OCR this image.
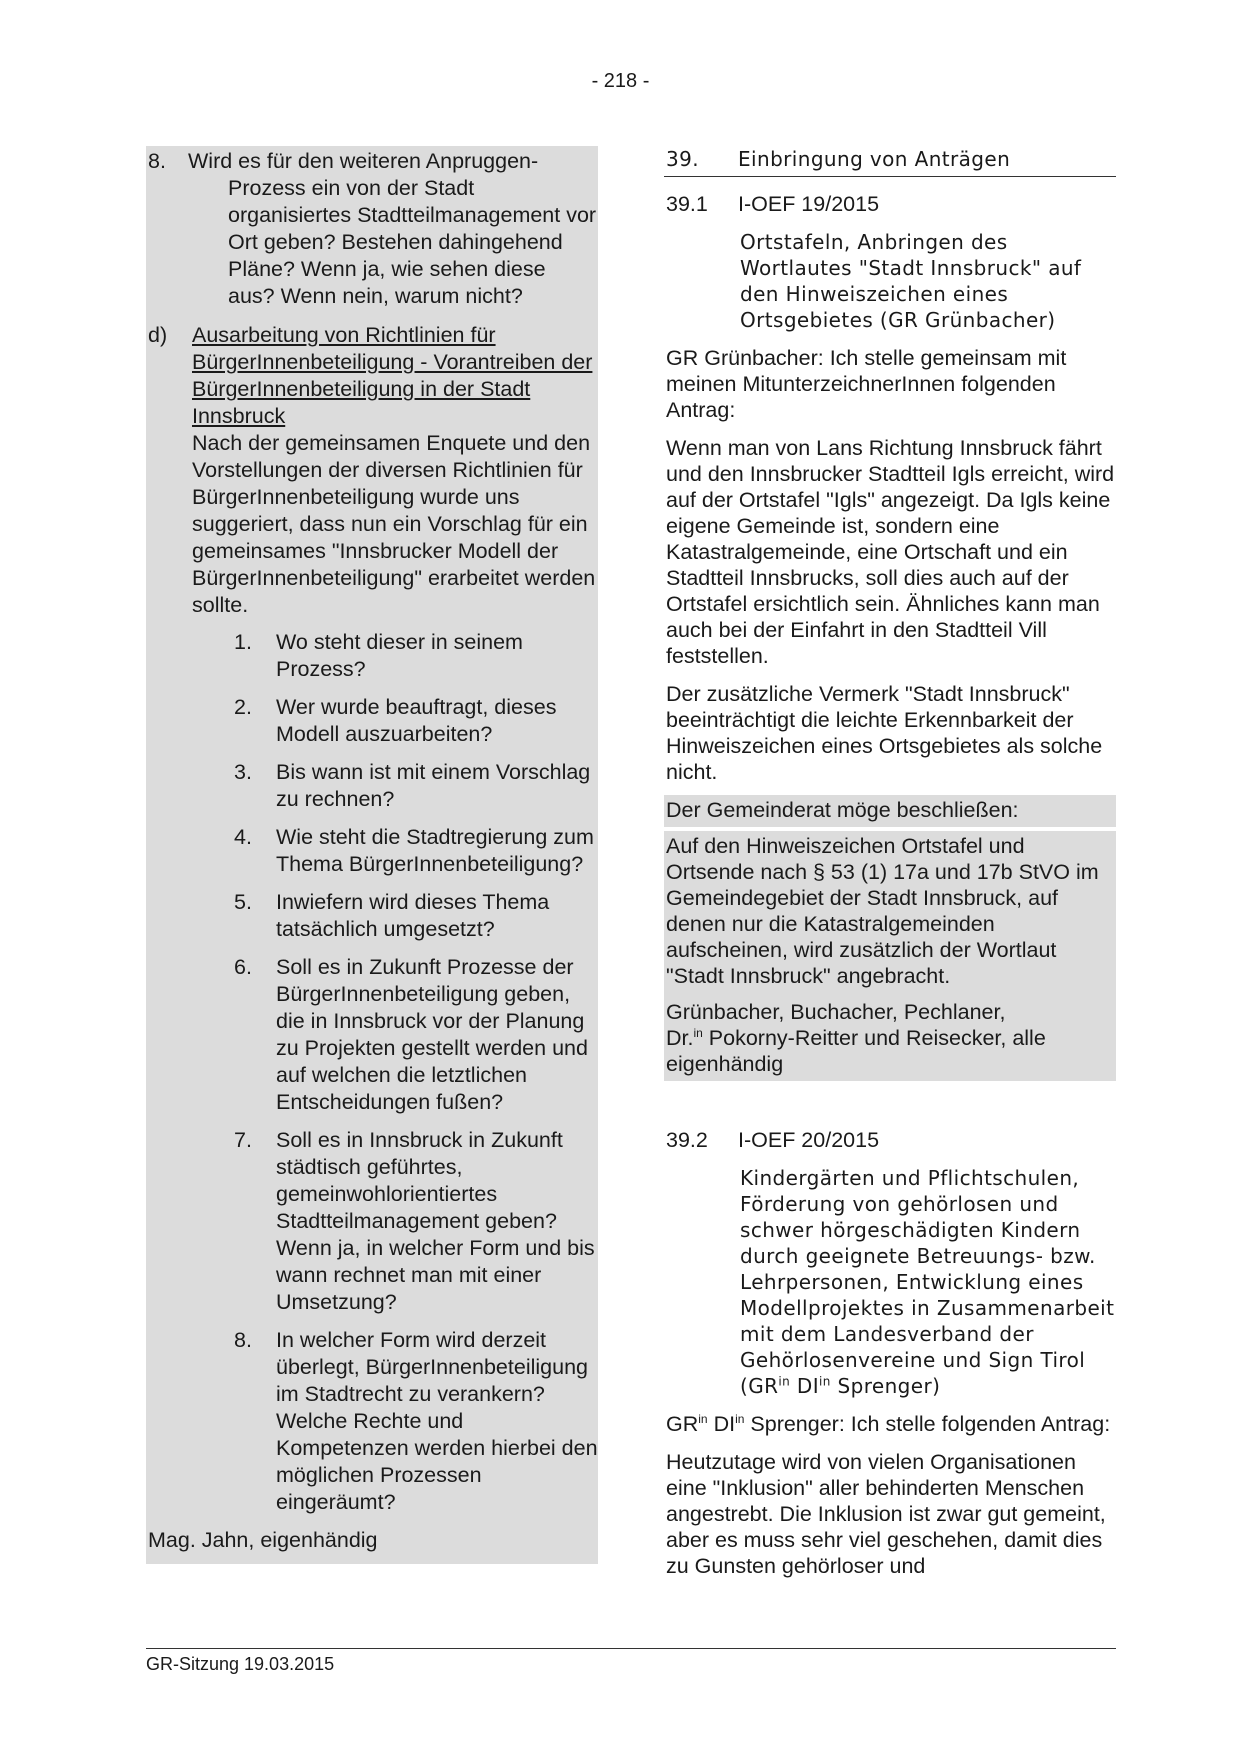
- 218 -
8. Wird es für den weiteren Anpruggen-
Prozess ein von der Stadt organisiertes Stadtteilmanagement vor Ort geben? Bestehen dahingehend Pläne? Wenn ja, wie sehen diese aus? Wenn nein, warum nicht?
d) Ausarbeitung von Richtlinien für BürgerInnenbeteiligung - Vorantreiben der BürgerInnenbeteiligung in der Stadt Innsbruck
Nach der gemeinsamen Enquete und den Vorstellungen der diversen Richtlinien für BürgerInnenbeteiligung wurde uns suggeriert, dass nun ein Vorschlag für ein gemeinsames "Innsbrucker Modell der BürgerInnenbeteiligung" erarbeitet werden sollte.
1. Wo steht dieser in seinem Prozess?
2. Wer wurde beauftragt, dieses Modell auszuarbeiten?
3. Bis wann ist mit einem Vorschlag zu rechnen?
4. Wie steht die Stadtregierung zum Thema BürgerInnenbeteiligung?
5. Inwiefern wird dieses Thema tatsächlich umgesetzt?
6. Soll es in Zukunft Prozesse der BürgerInnenbeteiligung geben, die in Innsbruck vor der Planung zu Projekten gestellt werden und auf welchen die letztlichen Entscheidungen fußen?
7. Soll es in Innsbruck in Zukunft städtisch geführtes, gemeinwohlorientiertes Stadtteilmanagement geben? Wenn ja, in welcher Form und bis wann rechnet man mit einer Umsetzung?
8. In welcher Form wird derzeit überlegt, BürgerInnenbeteiligung im Stadtrecht zu verankern? Welche Rechte und Kompetenzen werden hierbei den möglichen Prozessen eingeräumt?
Mag. Jahn, eigenhändig
39. Einbringung von Anträgen
39.1 I-OEF 19/2015
Ortstafeln, Anbringen des Wortlautes "Stadt Innsbruck" auf den Hinweiszeichen eines Ortsgebietes (GR Grünbacher)
GR Grünbacher: Ich stelle gemeinsam mit meinen MitunterzeichnerInnen folgenden Antrag:
Wenn man von Lans Richtung Innsbruck fährt und den Innsbrucker Stadtteil Igls erreicht, wird auf der Ortstafel "Igls" angezeigt. Da Igls keine eigene Gemeinde ist, sondern eine Katastralgemeinde, eine Ortschaft und ein Stadtteil Innsbrucks, soll dies auch auf der Ortstafel ersichtlich sein. Ähnliches kann man auch bei der Einfahrt in den Stadtteil Vill feststellen.
Der zusätzliche Vermerk "Stadt Innsbruck" beeinträchtigt die leichte Erkennbarkeit der Hinweiszeichen eines Ortsgebietes als solche nicht.
Der Gemeinderat möge beschließen:
Auf den Hinweiszeichen Ortstafel und Ortsende nach § 53 (1) 17a und 17b StVO im Gemeindegebiet der Stadt Innsbruck, auf denen nur die Katastralgemeinden aufscheinen, wird zusätzlich der Wortlaut "Stadt Innsbruck" angebracht.
Grünbacher, Buchacher, Pechlaner,
Dr.$^{in}$ Pokorny-Reitter und Reisecker, alle eigenhändig
39.2 I-OEF 20/2015
Kindergärten und Pflichtschulen, Förderung von gehörlosen und schwer hörgeschädigten Kindern durch geeignete Betreuungs- bzw. Lehrpersonen, Entwicklung eines Modellprojektes in Zusammenarbeit mit dem Landesverband der Gehörlosenvereine und Sign Tirol
($GR^{in}$ $DI^{in}$ Sprenger)
$GR^{in}$ $DI^{in}$ Sprenger: Ich stelle folgenden Antrag:
Heutzutage wird von vielen Organisationen eine "Inklusion" aller behinderten Menschen angestrebt. Die Inklusion ist zwar gut gemeint, aber es muss sehr viel geschehen, damit dies zu Gunsten gehörloser und
GR-Sitzung 19.03.2015
